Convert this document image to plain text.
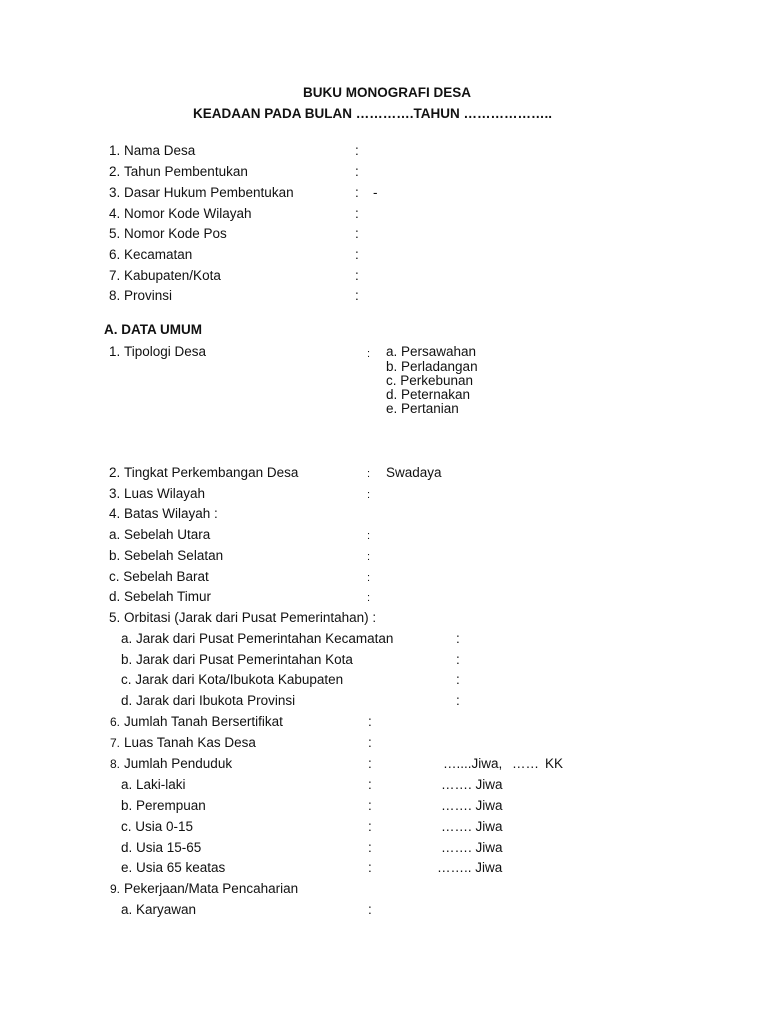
BUKU MONOGRAFI DESA
KEADAAN PADA BULAN ………….TAHUN ………………..
1. Nama Desa	:
2. Tahun Pembentukan	:
3. Dasar Hukum Pembentukan	: -
4. Nomor Kode Wilayah	:
5. Nomor Kode Pos	:
6. Kecamatan	:
7. Kabupaten/Kota	:
8. Provinsi	:
A. DATA UMUM
1. Tipologi Desa	: a. Persawahan
b. Perladangan
c. Perkebunan
d. Peternakan
e. Pertanian
2. Tingkat Perkembangan Desa	: Swadaya
3. Luas Wilayah	:
4. Batas Wilayah :
a. Sebelah Utara	:
b. Sebelah Selatan	:
c. Sebelah Barat	:
d. Sebelah Timur	:
5. Orbitasi (Jarak dari Pusat Pemerintahan) :
a. Jarak dari Pusat Pemerintahan Kecamatan	:
b. Jarak dari Pusat Pemerintahan Kota	:
c. Jarak dari Kota/Ibukota Kabupaten	:
d. Jarak dari Ibukota Provinsi	:
6. Jumlah Tanah Bersertifikat	:
7. Luas Tanah Kas Desa	:
8. Jumlah Penduduk	:	…....Jiwa, …… KK
a. Laki-laki	:	……. Jiwa
b. Perempuan	:	……. Jiwa
c. Usia 0-15	:	……. Jiwa
d. Usia 15-65	:	……. Jiwa
e. Usia 65 keatas	:	…….. Jiwa
9. Pekerjaan/Mata Pencaharian
a. Karyawan	:
